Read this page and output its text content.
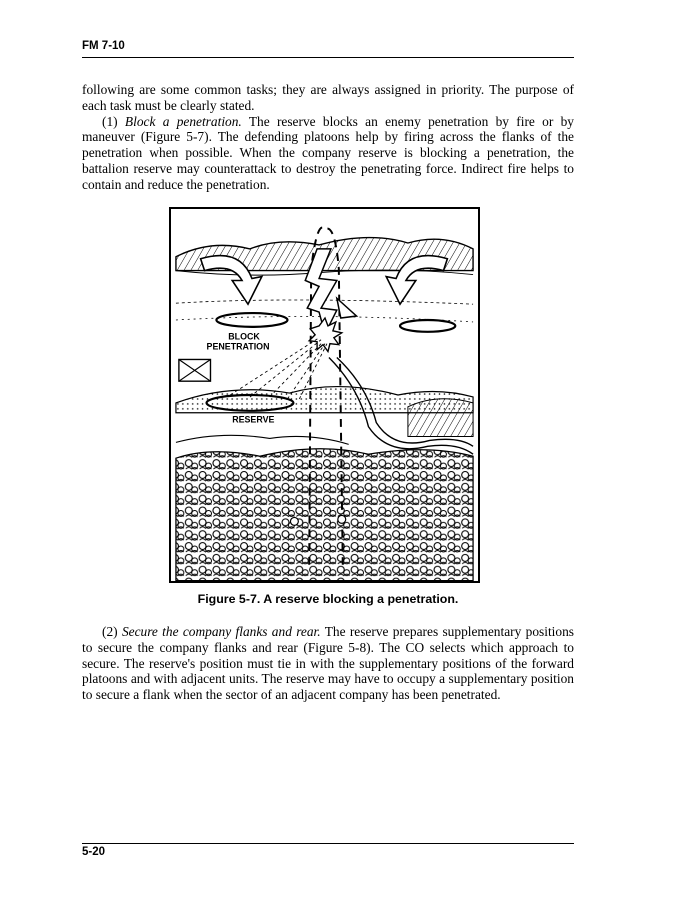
FM 7-10

following are some common tasks; they are always assigned in priority. The purpose of each task must be clearly stated.

(1) Block a penetration. The reserve blocks an enemy penetration by fire or by maneuver (Figure 5-7). The defending platoons help by firing across the flanks of the penetration when possible. When the company reserve is blocking a penetration, the battalion reserve may counterattack to destroy the penetrating force. Indirect fire helps to contain and reduce the penetration.

BLOCK
PENETRATION
RESERVE
Figure 5-7. A reserve blocking a penetration.

(2) Secure the company flanks and rear. The reserve prepares supplementary positions to secure the company flanks and rear (Figure 5-8). The CO selects which approach to secure. The reserve's position must tie in with the supplementary positions of the forward platoons and with adjacent units. The reserve may have to occupy a supplementary position to secure a flank when the sector of an adjacent company has been penetrated.

5-20
